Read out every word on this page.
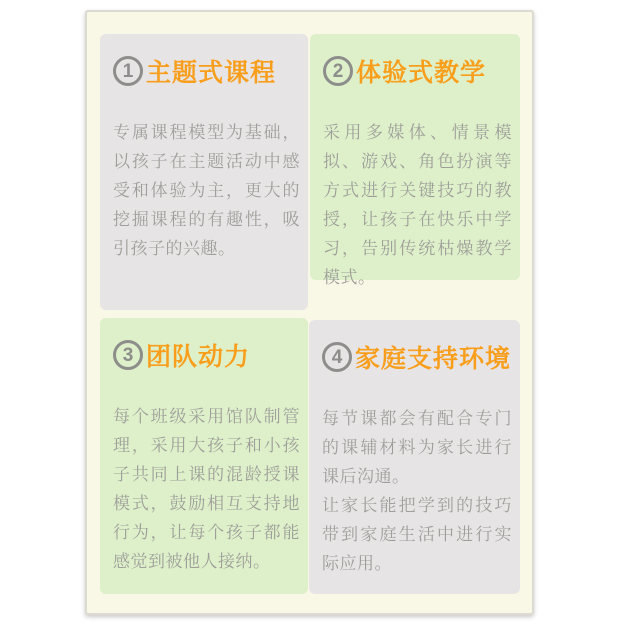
1 主题式课程

专属课程模型为基础，以孩子在主题活动中感受和体验为主，更大的挖掘课程的有趣性，吸引孩子的兴趣。

2 体验式教学

采用多媒体、情景模拟、游戏、角色扮演等方式进行关键技巧的教授，让孩子在快乐中学习，告别传统枯燥教学模式。

3 团队动力

每个班级采用馆队制管理，采用大孩子和小孩子共同上课的混龄授课模式，鼓励相互支持地行为，让每个孩子都能感觉到被他人接纳。

4 家庭支持环境

每节课都会有配合专门的课辅材料为家长进行课后沟通。

让家长能把学到的技巧带到家庭生活中进行实际应用。
